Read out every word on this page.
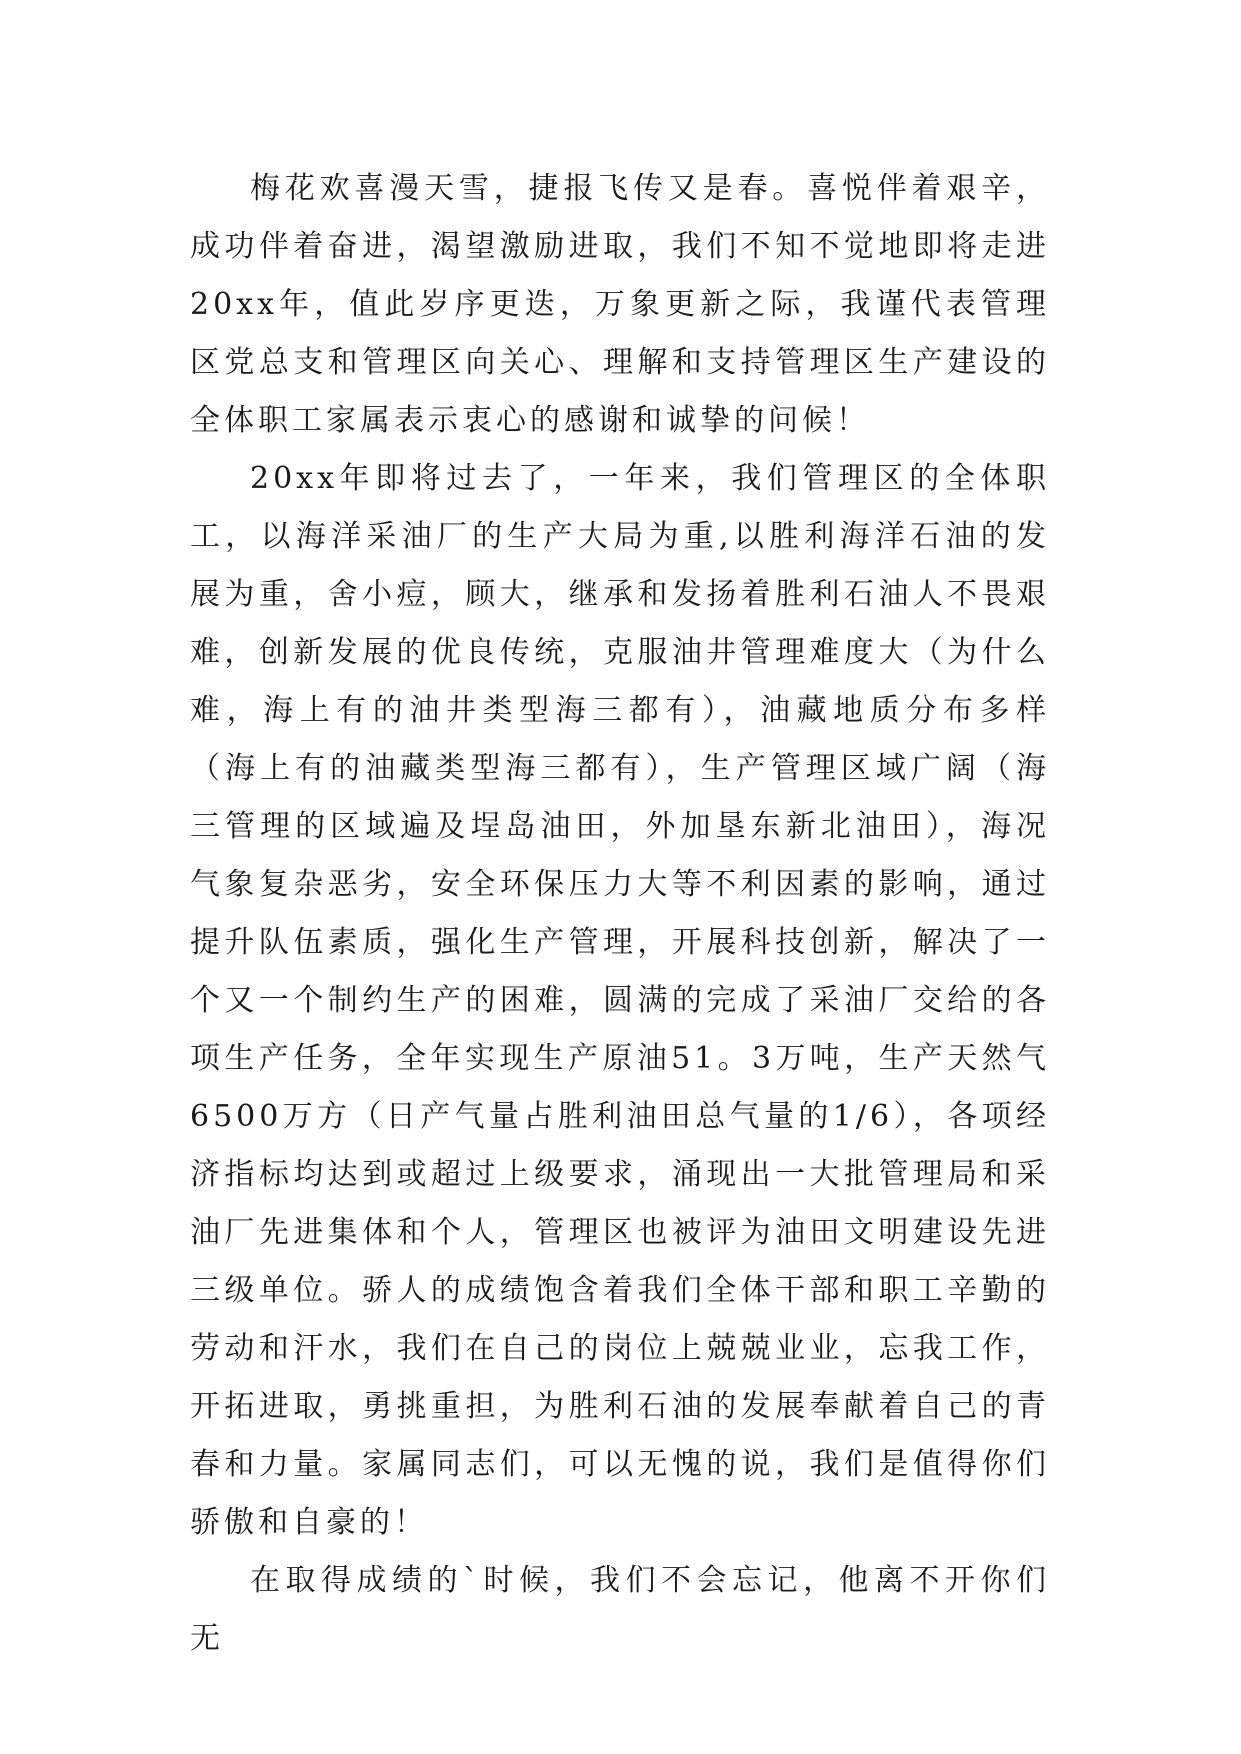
梅花欢喜漫天雪，捷报飞传又是春。喜悦伴着艰辛，成功伴着奋进，渴望激励进取，我们不知不觉地即将走进20xx年，值此岁序更迭，万象更新之际，我谨代表管理区党总支和管理区向关心、理解和支持管理区生产建设的全体职工家属表示衷心的感谢和诚挚的问候！

20xx年即将过去了，一年来，我们管理区的全体职工，以海洋采油厂的生产大局为重,以胜利海洋石油的发展为重，舍小痘，顾大，继承和发扬着胜利石油人不畏艰难，创新发展的优良传统，克服油井管理难度大（为什么难，海上有的油井类型海三都有），油藏地质分布多样（海上有的油藏类型海三都有），生产管理区域广阔（海三管理的区域遍及埕岛油田，外加垦东新北油田），海况气象复杂恶劣，安全环保压力大等不利因素的影响，通过提升队伍素质，强化生产管理，开展科技创新，解决了一个又一个制约生产的困难，圆满的完成了采油厂交给的各项生产任务，全年实现生产原油51。3万吨，生产天然气6500万方（日产气量占胜利油田总气量的1/6），各项经济指标均达到或超过上级要求，涌现出一大批管理局和采油厂先进集体和个人，管理区也被评为油田文明建设先进三级单位。骄人的成绩饱含着我们全体干部和职工辛勤的劳动和汗水，我们在自己的岗位上兢兢业业，忘我工作，开拓进取，勇挑重担，为胜利石油的发展奉献着自己的青春和力量。家属同志们，可以无愧的说，我们是值得你们骄傲和自豪的！

在取得成绩的`时候，我们不会忘记，他离不开你们无
